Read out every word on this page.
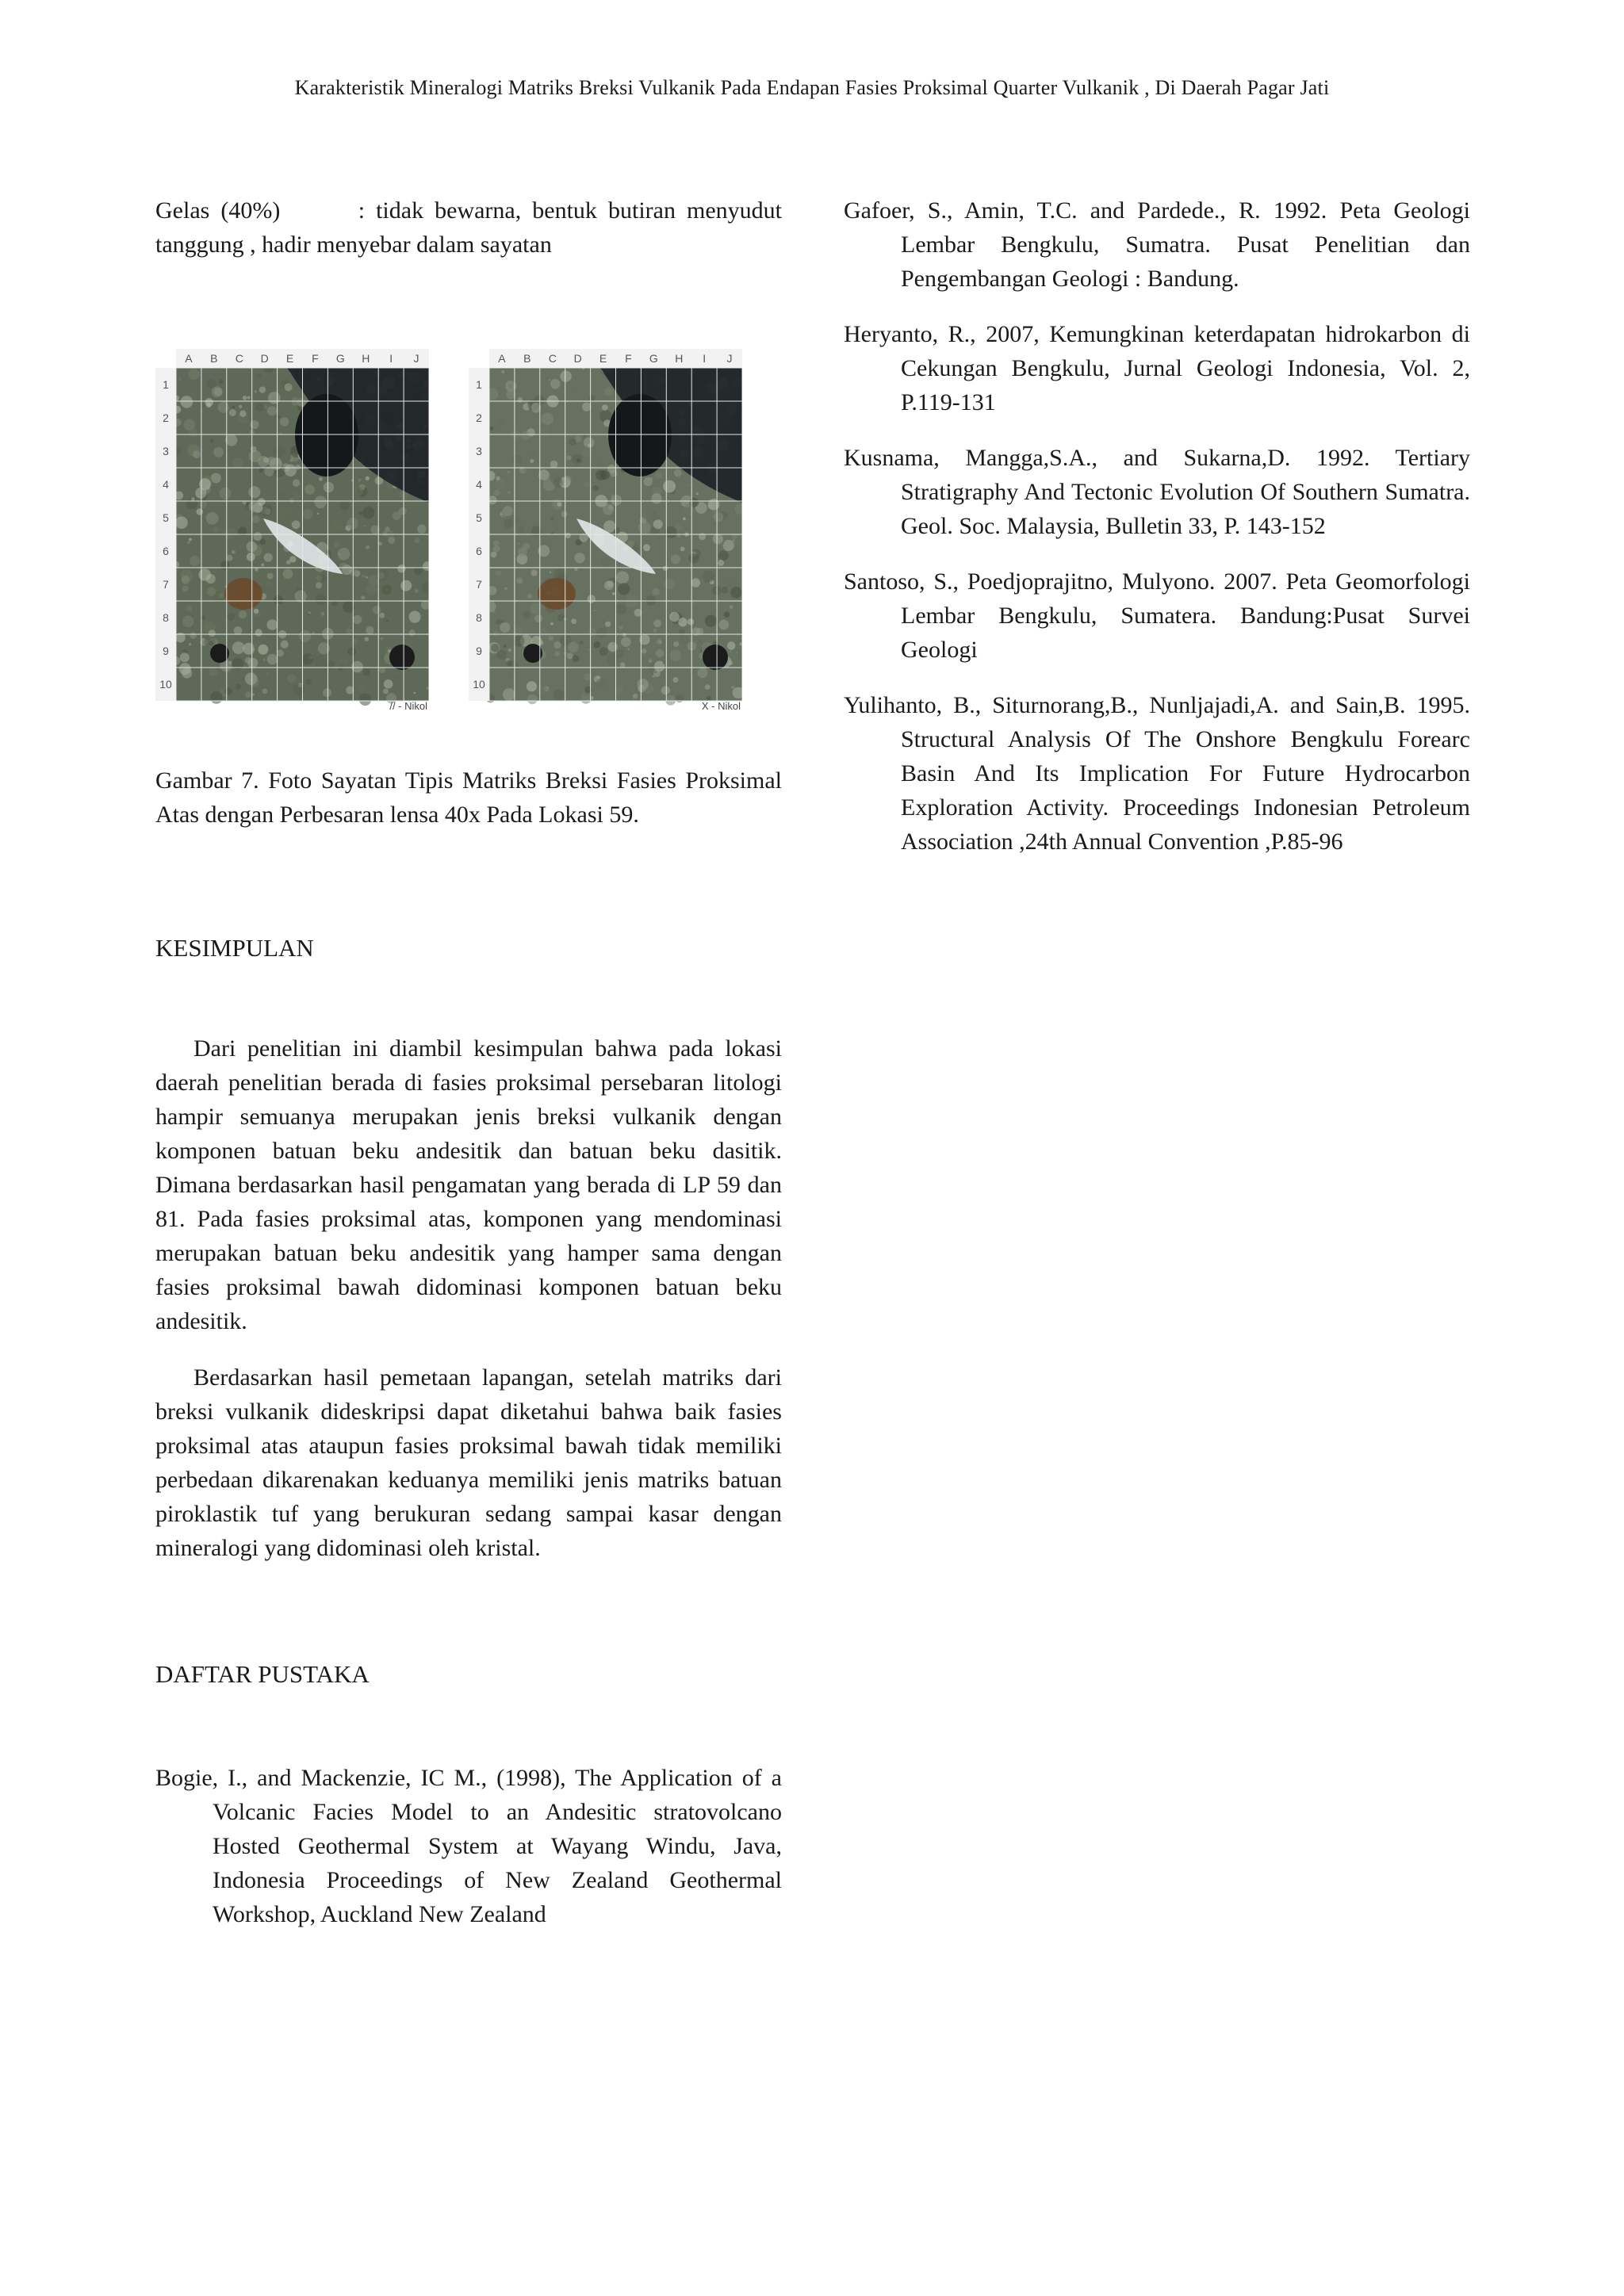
Karakteristik Mineralogi Matriks Breksi Vulkanik Pada Endapan Fasies Proksimal Quarter Vulkanik , Di Daerah Pagar Jati

Gelas (40%)       : tidak bewarna, bentuk butiran menyudut tanggung , hadir menyebar dalam sayatan

A B C D E F G H I J
1
2
3
4
5
6
7
8
9
10
// - Nikol
A B C D E F G H I J
1
2
3
4
5
6
7
8
9
10
X - Nikol

Gambar 7. Foto Sayatan Tipis Matriks Breksi Fasies Proksimal Atas dengan Perbesaran lensa 40x Pada Lokasi 59.

KESIMPULAN

Dari penelitian ini diambil kesimpulan bahwa pada lokasi daerah penelitian berada di fasies proksimal persebaran litologi hampir semuanya merupakan jenis breksi vulkanik dengan komponen batuan beku andesitik dan batuan beku dasitik. Dimana berdasarkan hasil pengamatan yang berada di LP 59 dan 81. Pada fasies proksimal atas, komponen yang mendominasi merupakan batuan beku andesitik yang hamper sama dengan fasies proksimal bawah didominasi komponen batuan beku andesitik.

Berdasarkan hasil pemetaan lapangan, setelah matriks dari breksi vulkanik dideskripsi dapat diketahui bahwa baik fasies proksimal atas ataupun fasies proksimal bawah tidak memiliki perbedaan dikarenakan keduanya memiliki jenis matriks batuan piroklastik tuf yang berukuran sedang sampai kasar dengan mineralogi yang didominasi oleh kristal.

DAFTAR PUSTAKA

Bogie, I., and Mackenzie, IC M., (1998), The Application of a Volcanic Facies Model to an Andesitic stratovolcano Hosted Geothermal System at Wayang Windu, Java, Indonesia Proceedings of New Zealand Geothermal Workshop, Auckland New Zealand

Gafoer, S., Amin, T.C. and Pardede., R. 1992. Peta Geologi Lembar Bengkulu, Sumatra. Pusat Penelitian dan Pengembangan Geologi : Bandung.

Heryanto, R., 2007, Kemungkinan keterdapatan hidrokarbon di Cekungan Bengkulu, Jurnal Geologi Indonesia, Vol. 2, P.119-131

Kusnama, Mangga,S.A., and Sukarna,D. 1992. Tertiary Stratigraphy And Tectonic Evolution Of Southern Sumatra. Geol. Soc. Malaysia, Bulletin 33, P. 143-152

Santoso, S., Poedjoprajitno, Mulyono. 2007. Peta Geomorfologi Lembar Bengkulu, Sumatera. Bandung:Pusat Survei Geologi

Yulihanto, B., Siturnorang,B., Nunljajadi,A. and Sain,B. 1995. Structural Analysis Of The Onshore Bengkulu Forearc Basin And Its Implication For Future Hydrocarbon Exploration Activity. Proceedings Indonesian Petroleum Association ,24th Annual Convention ,P.85-96
